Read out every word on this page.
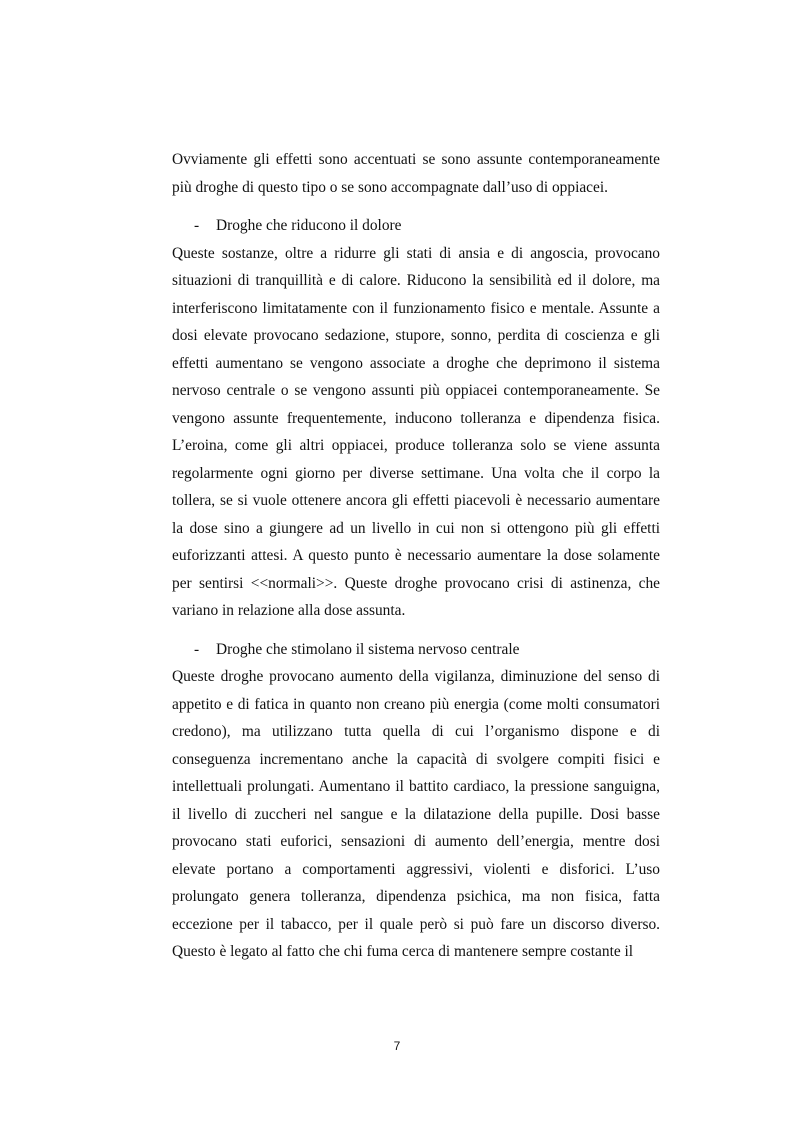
Ovviamente gli effetti sono accentuati se sono assunte contemporaneamente più droghe di questo tipo o se sono accompagnate dall’uso di oppiacei.

-	Droghe che riducono il dolore

Queste sostanze, oltre a ridurre gli stati di ansia e di angoscia, provocano situazioni di tranquillità e di calore. Riducono la sensibilità ed il dolore, ma interferiscono limitatamente con il funzionamento fisico e mentale. Assunte a dosi elevate provocano sedazione, stupore, sonno, perdita di coscienza e gli effetti aumentano se vengono associate a droghe che deprimono il sistema nervoso centrale o se vengono assunti più oppiacei contemporaneamente. Se vengono assunte frequentemente, inducono tolleranza e dipendenza fisica. L’eroina, come gli altri oppiacei, produce tolleranza solo se viene assunta regolarmente ogni giorno per diverse settimane. Una volta che il corpo la tollera, se si vuole ottenere ancora gli effetti piacevoli è necessario aumentare la dose sino a giungere ad un livello in cui non si ottengono più gli effetti euforizzanti attesi. A questo punto è necessario aumentare la dose solamente per sentirsi <<normali>>. Queste droghe provocano crisi di astinenza, che variano in relazione alla dose assunta.

-	Droghe che stimolano il sistema nervoso centrale

Queste droghe provocano aumento della vigilanza, diminuzione del senso di appetito e di fatica in quanto non creano più energia (come molti consumatori credono), ma utilizzano tutta quella di cui l’organismo dispone e di conseguenza incrementano anche la capacità di svolgere compiti fisici e intellettuali prolungati. Aumentano il battito cardiaco, la pressione sanguigna, il livello di zuccheri nel sangue e la dilatazione della pupille. Dosi basse provocano stati euforici, sensazioni di aumento dell’energia, mentre dosi elevate portano a comportamenti aggressivi, violenti e disforici. L’uso prolungato genera tolleranza, dipendenza psichica, ma non fisica, fatta eccezione per il tabacco, per il quale però si può fare un discorso diverso. Questo è legato al fatto che chi fuma cerca di mantenere sempre costante il

7
